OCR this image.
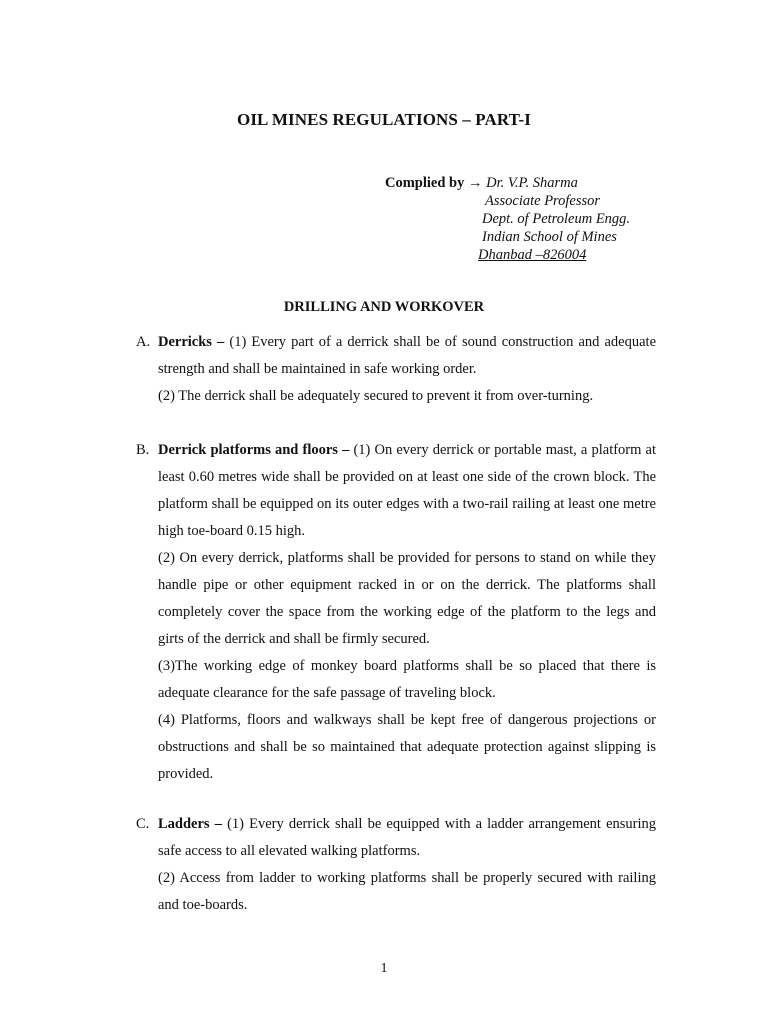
OIL MINES REGULATIONS – PART-I
Complied by → Dr. V.P. Sharma
Associate Professor
Dept. of Petroleum Engg.
Indian School of Mines
Dhanbad –826004
DRILLING AND WORKOVER
A. Derricks – (1) Every part of a derrick shall be of sound construction and adequate strength and shall be maintained in safe working order.

(2) The derrick shall be adequately secured to prevent it from over-turning.

B. Derrick platforms and floors – (1) On every derrick or portable mast, a platform at least 0.60 metres wide shall be provided on at least one side of the crown block. The platform shall be equipped on its outer edges with a two-rail railing at least one metre high toe-board 0.15 high.

(2) On every derrick, platforms shall be provided for persons to stand on while they handle pipe or other equipment racked in or on the derrick. The platforms shall completely cover the space from the working edge of the platform to the legs and girts of the derrick and shall be firmly secured.

(3)The working edge of monkey board platforms shall be so placed that there is adequate clearance for the safe passage of traveling block.

(4) Platforms, floors and walkways shall be kept free of dangerous projections or obstructions and shall be so maintained that adequate protection against slipping is provided.

C. Ladders – (1) Every derrick shall be equipped with a ladder arrangement ensuring safe access to all elevated walking platforms.

(2) Access from ladder to working platforms shall be properly secured with railing and toe-boards.

1
